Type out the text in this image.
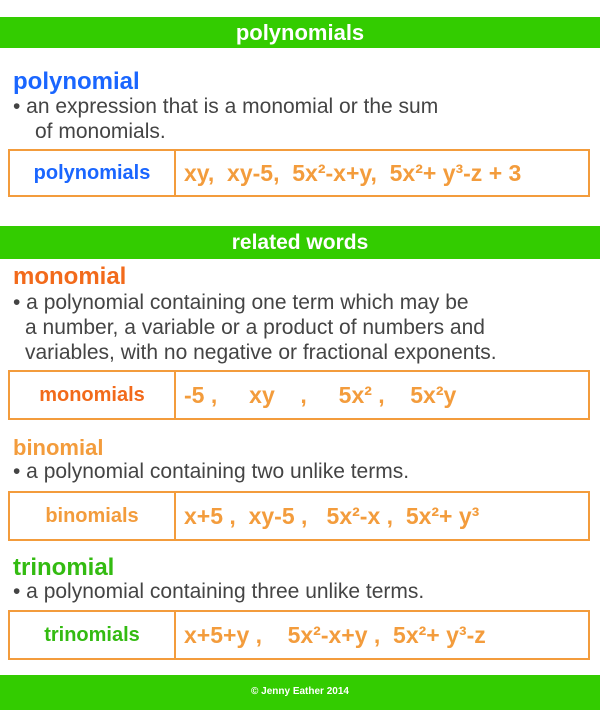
polynomials
polynomial
• an expression that is a monomial or the sum
of monomials.
polynomials	xy,  xy-5,  5x²-x+y,  5x²+ y³-z + 3
related words
monomial
• a polynomial containing one term which may be
a number, a variable or a product of numbers and
variables, with no negative or fractional exponents.
monomials	-5 ,     xy    ,     5x² ,    5x²y
binomial
• a polynomial containing two unlike terms.
binomials	x+5 ,  xy-5 ,   5x²-x ,  5x²+ y³
trinomial
• a polynomial containing three unlike terms.
trinomials	x+5+y ,    5x²-x+y ,  5x²+ y³-z
© Jenny Eather 2014
